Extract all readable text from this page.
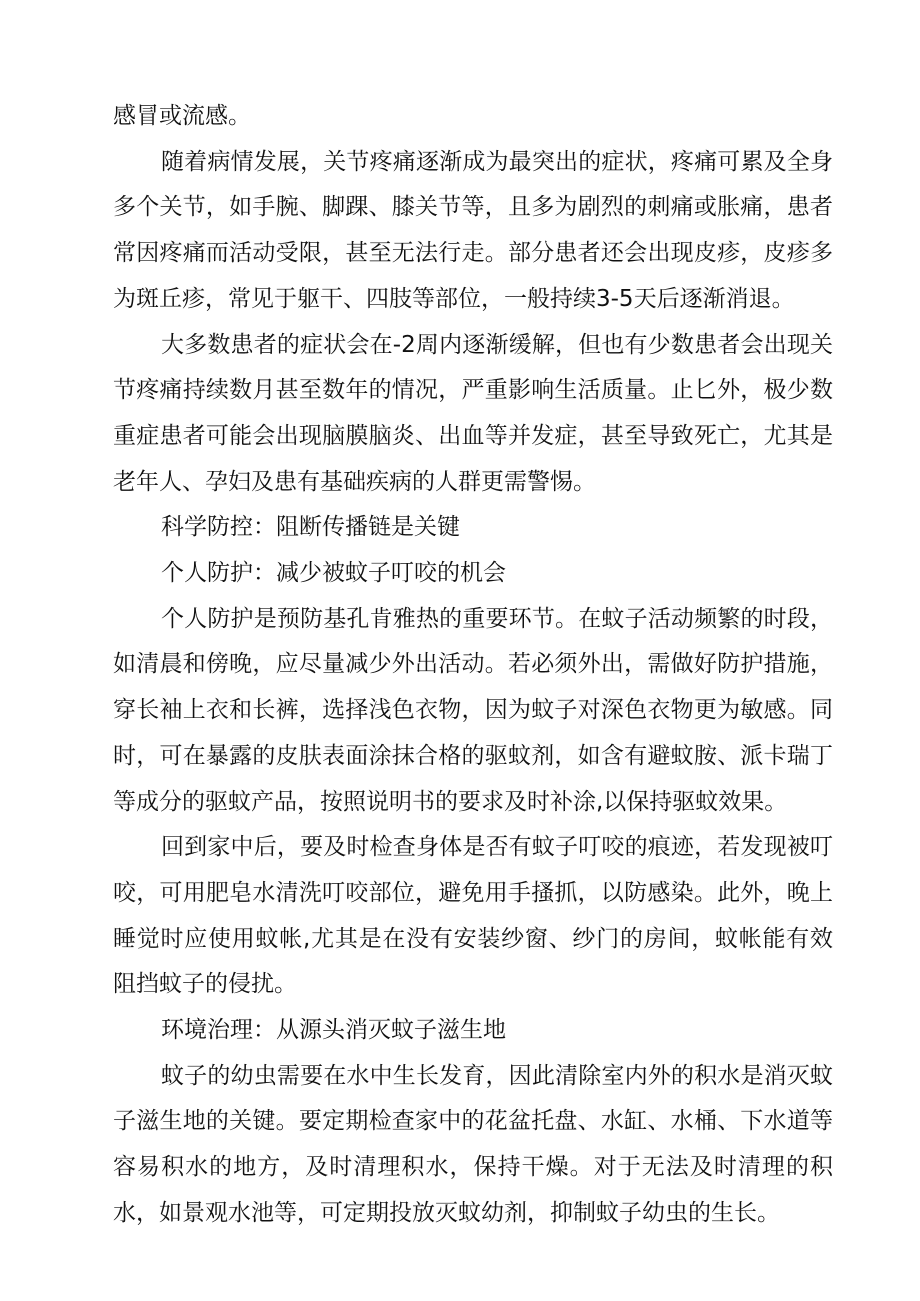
感冒或流感。

随着病情发展，关节疼痛逐渐成为最突出的症状，疼痛可累及全身多个关节，如手腕、脚踝、膝关节等，且多为剧烈的刺痛或胀痛，患者常因疼痛而活动受限，甚至无法行走。部分患者还会出现皮疹，皮疹多为斑丘疹，常见于躯干、四肢等部位，一般持续3-5天后逐渐消退。

大多数患者的症状会在-2周内逐渐缓解，但也有少数患者会出现关节疼痛持续数月甚至数年的情况，严重影响生活质量。止匕外，极少数重症患者可能会出现脑膜脑炎、出血等并发症，甚至导致死亡，尤其是老年人、孕妇及患有基础疾病的人群更需警惕。

科学防控：阻断传播链是关键

个人防护：减少被蚊子叮咬的机会

个人防护是预防基孔肯雅热的重要环节。在蚊子活动频繁的时段，如清晨和傍晚，应尽量减少外出活动。若必须外出，需做好防护措施，穿长袖上衣和长裤，选择浅色衣物，因为蚊子对深色衣物更为敏感。同时，可在暴露的皮肤表面涂抹合格的驱蚊剂，如含有避蚊胺、派卡瑞丁等成分的驱蚊产品，按照说明书的要求及时补涂,以保持驱蚊效果。

回到家中后，要及时检查身体是否有蚊子叮咬的痕迹，若发现被叮咬，可用肥皂水清洗叮咬部位，避免用手搔抓，以防感染。此外，晚上睡觉时应使用蚊帐,尤其是在没有安装纱窗、纱门的房间，蚊帐能有效阻挡蚊子的侵扰。

环境治理：从源头消灭蚊子滋生地

蚊子的幼虫需要在水中生长发育，因此清除室内外的积水是消灭蚊子滋生地的关键。要定期检查家中的花盆托盘、水缸、水桶、下水道等容易积水的地方，及时清理积水，保持干燥。对于无法及时清理的积水，如景观水池等，可定期投放灭蚊幼剂，抑制蚊子幼虫的生长。
